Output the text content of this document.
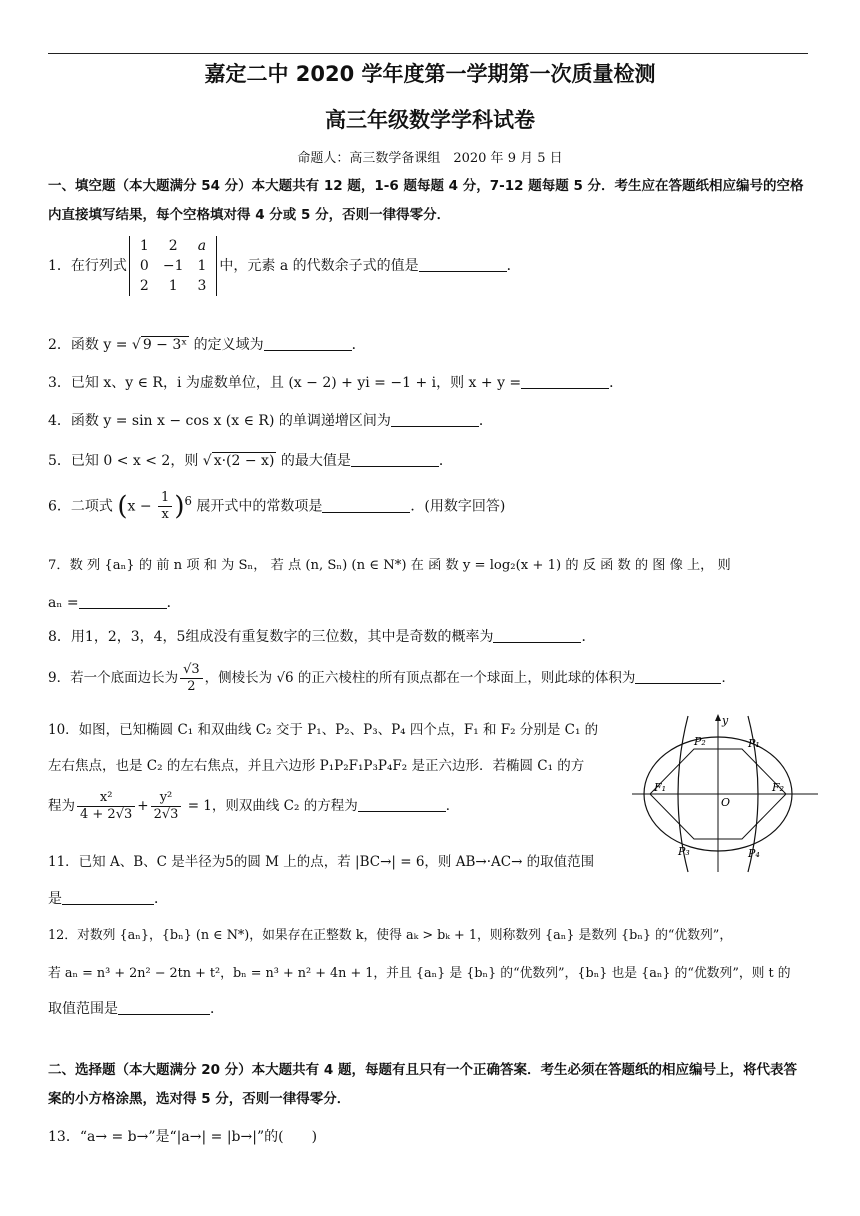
嘉定二中 2020 学年度第一学期第一次质量检测
高三年级数学学科试卷
命题人：高三数学备课组　2020 年 9 月 5 日
一、填空题（本大题满分 54 分）本大题共有 12 题，1-6 题每题 4 分，7-12 题每题 5 分．考生应在答题纸相应编号的空格内直接填写结果，每个空格填对得 4 分或 5 分，否则一律得零分．
1．在行列式
1	2	a
0	−1	1
2	1	3
中，元素 a 的代数余子式的值是	．
2．函数 y = √ 9 − 3ˣ 的定义域为	．
3．已知 x、y ∈ R，i 为虚数单位，且 (x − 2) + yi = −1 + i，则 x + y =	．
4．函数 y = sin x − cos x (x ∈ R) 的单调递增区间为	．
5．已知 0 < x < 2，则 √ x·(2 − x) 的最大值是	．
6．二项式 $(x - \frac{1}{x} )^6$ 展开式中的常数项是	．(用数字回答)
7．数 列 {aₙ} 的 前 n 项 和 为 Sₙ， 若 点 (n, Sₙ) (n ∈ N*) 在 函 数 y = log₂(x + 1) 的 反 函 数 的 图 像 上， 则
aₙ =	．
8．用1，2，3，4，5组成没有重复数字的三位数，其中是奇数的概率为	．
9．若一个底面边长为 $\frac{√3}{2}$ ，侧棱长为 √6 的正六棱柱的所有顶点都在一个球面上，则此球的体积为	．
10．如图，已知椭圆 C₁ 和双曲线 C₂ 交于 P₁、P₂、P₃、P₄ 四个点，F₁ 和 F₂ 分别是 C₁ 的
左右焦点，也是 C₂ 的左右焦点，并且六边形 P₁P₂F₁P₃P₄F₂ 是正六边形．若椭圆 C₁ 的方
程为 $\frac{\text{x²}}{4 + 2√3} + \frac{\text{y²}}{2√3} = 1$，则双曲线 C₂ 的方程为	．
11．已知 A、B、C 是半径为5的圆 M 上的点，若 |BC→| = 6，则 AB→·AC→ 的取值范围
是	．
12．对数列 {aₙ}，{bₙ} (n ∈ N*)，如果存在正整数 k，使得 aₖ > bₖ + 1，则称数列 {aₙ} 是数列 {bₙ} 的“优数列”，
若 aₙ = n³ + 2n² − 2tn + t²，bₙ = n³ + n² + 4n + 1，并且 {aₙ} 是 {bₙ} 的“优数列”，{bₙ} 也是 {aₙ} 的“优数列”，则 t 的
取值范围是	．
二、选择题（本大题满分 20 分）本大题共有 4 题，每题有且只有一个正确答案．考生必须在答题纸的相应编号上，将代表答案的小方格涂黑，选对得 5 分，否则一律得零分．
13．“a→ = b→”是“|a→| = |b→|”的(　　)
y
O
F₁	F₂
P₁
P₂
P₃	P₄
